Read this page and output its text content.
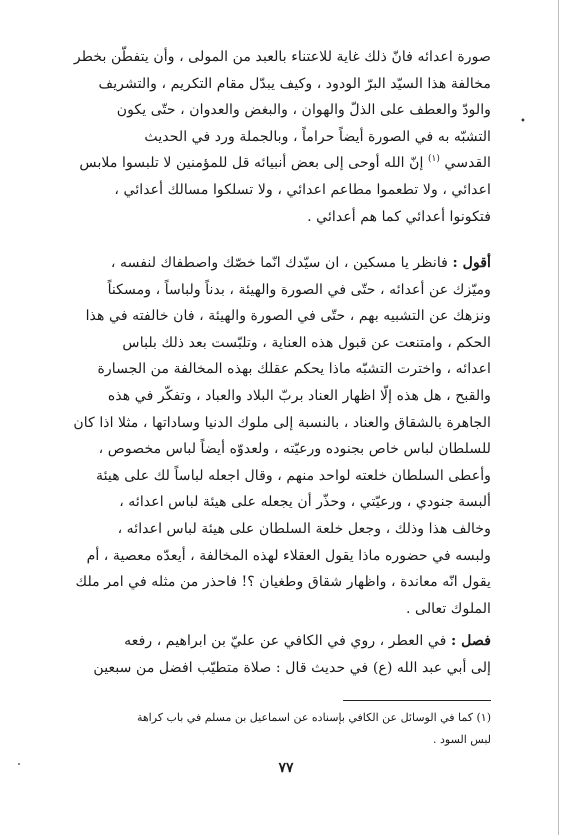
صورة اعدائه فانّ ذلك غاية للاعتناء بالعبد من المولى ، وأن يتفطّن بخطر
مخالفة هذا السيّد البرّ الودود ، وكيف يبدّل مقام التكريم ، والتشريف
والودّ والعطف على الذلّ والهوان ، والبغض والعدوان ، حتّى يكون
التشبّه به في الصورة أيضاً حراماً ، وبالجملة ورد في الحديث
القدسي $^{(١)}$ إنّ الله أوحى إلى بعض أنبيائه قل للمؤمنين لا تلبسوا ملابس
اعدائي ، ولا تطعموا مطاعم اعدائي ، ولا تسلكوا مسالك أعدائي ،
فتكونوا أعدائي كما هم أعدائي .
أقول : فانظر يا مسكين ، ان سيّدك انّما خصّك واصطفاك لنفسه ،
وميّزك عن أعدائه ، حتّى في الصورة والهيئة ، بدناً ولباساً ، ومسكناً
ونزهك عن التشبيه بهم ، حتّى في الصورة والهيئة ، فان خالفته في هذا
الحكم ، وامتنعت عن قبول هذه العناية ، وتلبّست بعد ذلك بلباس
اعدائه ، واخترت التشبّه ماذا يحكم عقلك بهذه المخالفة من الجسارة
والقبح ، هل هذه إلّا اظهار العناد بربّ البلاد والعباد ، وتفكّر في هذه
الجاهرة بالشقاق والعناد ، بالنسبة إلى ملوك الدنيا وساداتها ، مثلا اذا كان
للسلطان لباس خاص بجنوده ورعيّته ، ولعدوّه أيضاً لباس مخصوص ،
وأعطى السلطان خلعته لواحد منهم ، وقال اجعله لباساً لك على هيئة
ألبسة جنودي ، ورعيّتي ، وحذّر أن يجعله على هيئة لباس اعدائه ،
وخالف هذا وذلك ، وجعل خلعة السلطان على هيئة لباس اعدائه ،
ولبسه في حضوره ماذا يقول العقلاء لهذه المخالفة ، أيعدّه معصية ، أم
يقول انّه معاندة ، واظهار شقاق وطغيان ؟! فاحذر من مثله في امر ملك
الملوك تعالى .
فصل : في العطر ، روي في الكافي عن عليّ بن ابراهيم ، رفعه
إلى أبي عبد الله (ع) في حديث قال : صلاة متطيّب افضل من سبعين
(١) كما في الوسائل عن الكافي بإسناده عن اسماعيل بن مسلم في باب كراهة
لبس السود .
٧٧
•
